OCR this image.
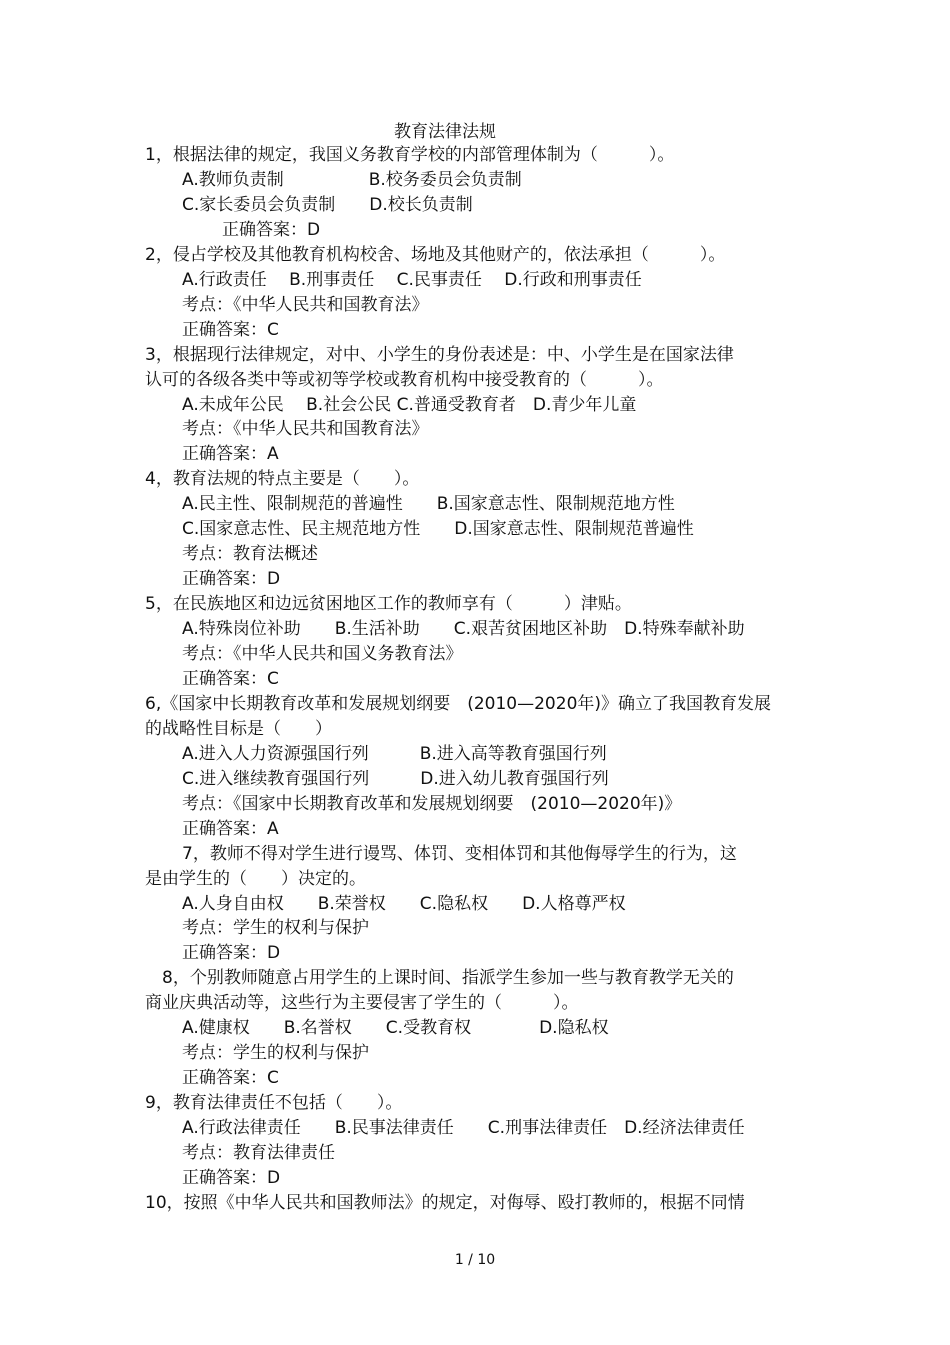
教育法律法规
1，根据法律的规定，我国义务教育学校的内部管理体制为（　　　）。
A.教师负责制　　　　　B.校务委员会负责制
C.家长委员会负责制　　D.校长负责制
正确答案：D
2，侵占学校及其他教育机构校舍、场地及其他财产的，依法承担（　　　）。
A.行政责任　 B.刑事责任　 C.民事责任　 D.行政和刑事责任
考点：《中华人民共和国教育法》
正确答案：C
3，根据现行法律规定，对中、小学生的身份表述是：中、小学生是在国家法律
认可的各级各类中等或初等学校或教育机构中接受教育的（　　　）。
A.未成年公民　 B.社会公民 C.普通受教育者　D.青少年儿童
考点：《中华人民共和国教育法》
正确答案：A
4，教育法规的特点主要是（　　）。
A.民主性、限制规范的普遍性　　B.国家意志性、限制规范地方性
C.国家意志性、民主规范地方性　　D.国家意志性、限制规范普遍性
考点：教育法概述
正确答案：D
5，在民族地区和边远贫困地区工作的教师享有（　　　）津贴。
A.特殊岗位补助　　B.生活补助　　C.艰苦贫困地区补助　D.特殊奉献补助
考点：《中华人民共和国义务教育法》
正确答案：C
6,《国家中长期教育改革和发展规划纲要　(2010—2020年)》确立了我国教育发展
的战略性目标是（　　）
A.进入人力资源强国行列　　　B.进入高等教育强国行列
C.进入继续教育强国行列　　　D.进入幼儿教育强国行列
考点：《国家中长期教育改革和发展规划纲要　(2010—2020年)》
正确答案：A
7，教师不得对学生进行谩骂、体罚、变相体罚和其他侮辱学生的行为，这
是由学生的（　　）决定的。
A.人身自由权　　B.荣誉权　　C.隐私权　　D.人格尊严权
考点：学生的权利与保护
正确答案：D
8，个别教师随意占用学生的上课时间、指派学生参加一些与教育教学无关的
商业庆典活动等，这些行为主要侵害了学生的（　　　）。
A.健康权　　B.名誉权　　C.受教育权　　　　D.隐私权
考点：学生的权利与保护
正确答案：C
9，教育法律责任不包括（　　）。
A.行政法律责任　　B.民事法律责任　　C.刑事法律责任　D.经济法律责任
考点：教育法律责任
正确答案：D
10，按照《中华人民共和国教师法》的规定，对侮辱、殴打教师的，根据不同情
1 / 10
